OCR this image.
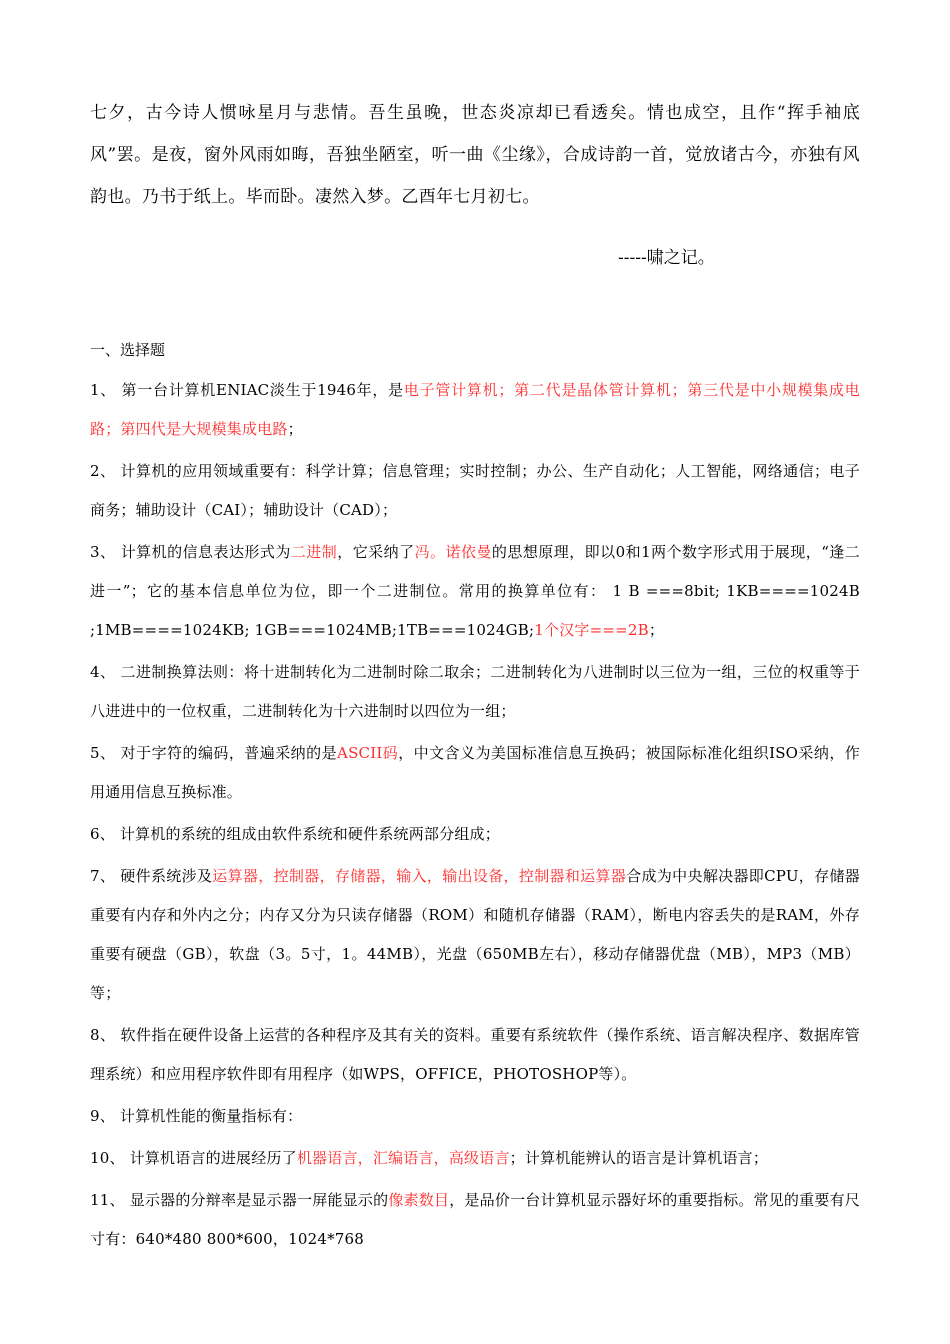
七夕，古今诗人惯咏星月与悲情。吾生虽晚，世态炎凉却已看透矣。情也成空，且作“挥手袖底风”罢。是夜，窗外风雨如晦，吾独坐陋室，听一曲《尘缘》，合成诗韵一首，觉放诸古今，亦独有风韵也。乃书于纸上。毕而卧。凄然入梦。乙酉年七月初七。

-----啸之记。
一、选择题

1、 第一台计算机ENIAC淡生于1946年，是电子管计算机；第二代是晶体管计算机；第三代是中小规模集成电路；第四代是大规模集成电路；

2、 计算机的应用领域重要有：科学计算；信息管理；实时控制；办公、生产自动化；人工智能，网络通信；电子商务；辅助设计（CAI）；辅助设计（CAD）；

3、 计算机的信息表达形式为二进制，它采纳了冯。诺依曼的思想原理，即以0和1两个数字形式用于展现，“逢二进一”；它的基本信息单位为位，即一个二进制位。常用的换算单位有： 1 B ===8bit; 1KB====1024B ;1MB====1024KB; 1GB===1024MB;1TB===1024GB;1个汉字===2B；

4、 二进制换算法则：将十进制转化为二进制时除二取余；二进制转化为八进制时以三位为一组，三位的权重等于八进进中的一位权重，二进制转化为十六进制时以四位为一组；

5、 对于字符的编码，普遍采纳的是ASCII码，中文含义为美国标准信息互换码；被国际标准化组织ISO采纳，作用通用信息互换标准。

6、 计算机的系统的组成由软件系统和硬件系统两部分组成；

7、 硬件系统涉及运算器，控制器，存储器，输入，输出设备，控制器和运算器合成为中央解决器即CPU，存储器重要有内存和外内之分；内存又分为只读存储器（ROM）和随机存储器（RAM），断电内容丢失的是RAM，外存重要有硬盘（GB），软盘（3。5寸，1。44MB），光盘（650MB左右），移动存储器优盘（MB），MP3（MB）等；

8、 软件指在硬件设备上运营的各种程序及其有关的资料。重要有系统软件（操作系统、语言解决程序、数据库管理系统）和应用程序软件即有用程序（如WPS，OFFICE，PHOTOSHOP等）。

9、 计算机性能的衡量指标有：

10、 计算机语言的进展经历了机器语言，汇编语言，高级语言；计算机能辨认的语言是计算机语言；

11、 显示器的分辩率是显示器一屏能显示的像素数目，是品价一台计算机显示器好坏的重要指标。常见的重要有尺寸有：640*480 800*600，1024*768
